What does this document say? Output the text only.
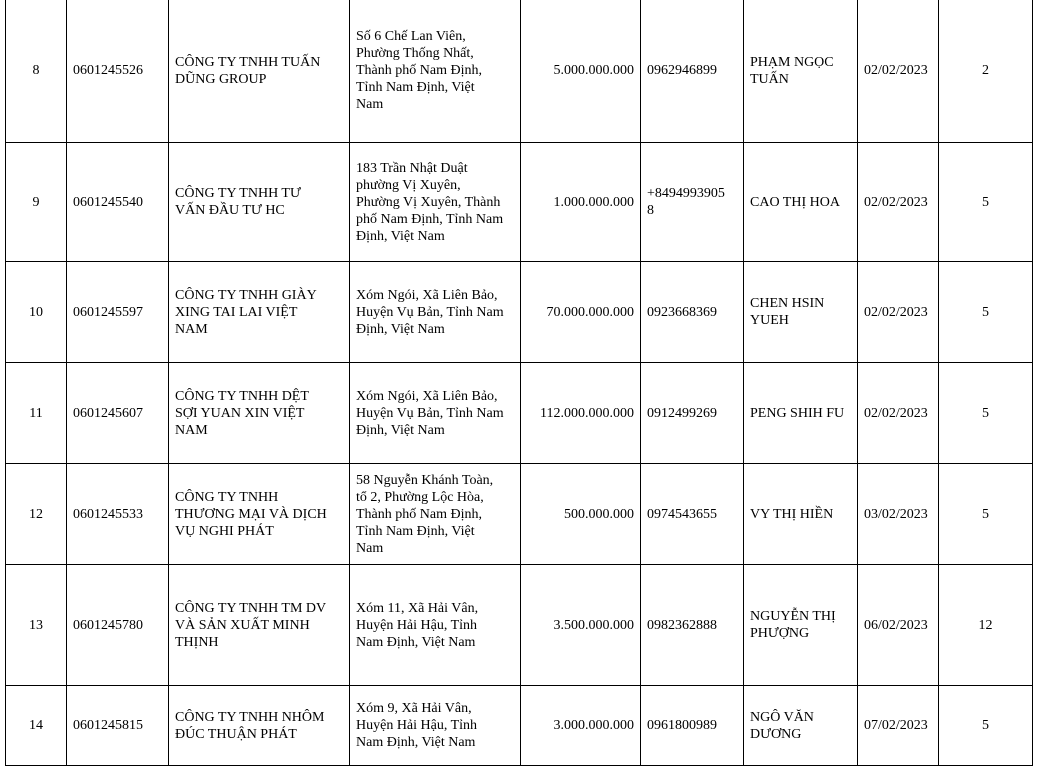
8	0601245526	CÔNG TY TNHH TUẤN
DŨNG GROUP	Số 6 Chế Lan Viên,
Phường Thống Nhất,
Thành phố Nam Định,
Tỉnh Nam Định, Việt
Nam	5.000.000.000	0962946899	PHẠM NGỌC
TUẤN	02/02/2023	2

9	0601245540	CÔNG TY TNHH TƯ
VẤN ĐẦU TƯ HC	183 Trần Nhật Duật
phường Vị Xuyên,
Phường Vị Xuyên, Thành
phố Nam Định, Tỉnh Nam
Định, Việt Nam	1.000.000.000	+8494993905
8	CAO THỊ HOA	02/02/2023	5

10	0601245597	CÔNG TY TNHH GIÀY
XING TAI LAI VIỆT
NAM	Xóm Ngói, Xã Liên Bảo,
Huyện Vụ Bản, Tỉnh Nam
Định, Việt Nam	70.000.000.000	0923668369	CHEN HSIN
YUEH	02/02/2023	5

11	0601245607	CÔNG TY TNHH DỆT
SỢI YUAN XIN VIỆT
NAM	Xóm Ngói, Xã Liên Bảo,
Huyện Vụ Bản, Tỉnh Nam
Định, Việt Nam	112.000.000.000	0912499269	PENG SHIH FU	02/02/2023	5

12	0601245533	CÔNG TY TNHH
THƯƠNG MẠI VÀ DỊCH
VỤ NGHI PHÁT	58 Nguyễn Khánh Toàn,
tổ 2, Phường Lộc Hòa,
Thành phố Nam Định,
Tỉnh Nam Định, Việt
Nam	500.000.000	0974543655	VY THỊ HIỀN	03/02/2023	5

13	0601245780	CÔNG TY TNHH TM DV
VÀ SẢN XUẤT MINH
THỊNH	Xóm 11, Xã Hải Vân,
Huyện Hải Hậu, Tỉnh
Nam Định, Việt Nam	3.500.000.000	0982362888	NGUYỄN THỊ
PHƯỢNG	06/02/2023	12

14	0601245815	CÔNG TY TNHH NHÔM
ĐÚC THUẬN PHÁT	Xóm 9, Xã Hải Vân,
Huyện Hải Hậu, Tỉnh
Nam Định, Việt Nam	3.000.000.000	0961800989	NGÔ VĂN
DƯƠNG	07/02/2023	5
